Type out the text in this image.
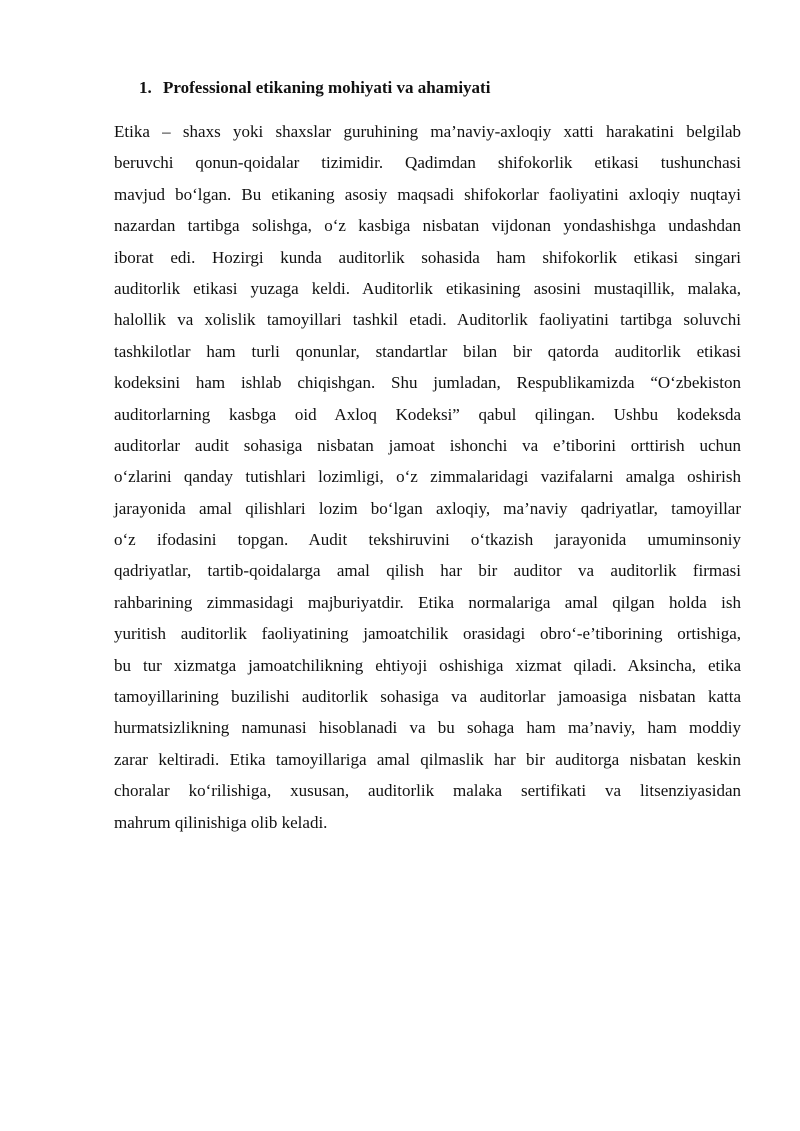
1. Professional etikaning mohiyati va ahamiyati

Etika – shaxs yoki shaxslar guruhining ma’naviy-axloqiy xatti harakatini belgilab
beruvchi qonun-qoidalar tizimidir. Qadimdan shifokorlik etikasi tushunchasi
mavjud bo‘lgan. Bu etikaning asosiy maqsadi shifokorlar faoliyatini axloqiy nuqtayi
nazardan tartibga solishga, o‘z kasbiga nisbatan vijdonan yondashishga undashdan
iborat edi. Hozirgi kunda auditorlik sohasida ham shifokorlik etikasi singari
auditorlik etikasi yuzaga keldi. Auditorlik etikasining asosini mustaqillik, malaka,
halollik va xolislik tamoyillari tashkil etadi. Auditorlik faoliyatini tartibga soluvchi
tashkilotlar ham turli qonunlar, standartlar bilan bir qatorda auditorlik etikasi
kodeksini ham ishlab chiqishgan. Shu jumladan, Respublikamizda “O‘zbekiston
auditorlarning kasbga oid Axloq Kodeksi” qabul qilingan. Ushbu kodeksda
auditorlar audit sohasiga nisbatan jamoat ishonchi va e’tiborini orttirish uchun
o‘zlarini qanday tutishlari lozimligi, o‘z zimmalaridagi vazifalarni amalga oshirish
jarayonida amal qilishlari lozim bo‘lgan axloqiy, ma’naviy qadriyatlar, tamoyillar
o‘z ifodasini topgan. Audit tekshiruvini o‘tkazish jarayonida umuminsoniy
qadriyatlar, tartib-qoidalarga amal qilish har bir auditor va auditorlik firmasi
rahbarining zimmasidagi majburiyatdir. Etika normalariga amal qilgan holda ish
yuritish auditorlik faoliyatining jamoatchilik orasidagi obro‘-e’tiborining ortishiga,
bu tur xizmatga jamoatchilikning ehtiyoji oshishiga xizmat qiladi. Aksincha, etika
tamoyillarining buzilishi auditorlik sohasiga va auditorlar jamoasiga nisbatan katta
hurmatsizlikning namunasi hisoblanadi va bu sohaga ham ma’naviy, ham moddiy
zarar keltiradi. Etika tamoyillariga amal qilmaslik har bir auditorga nisbatan keskin
choralar ko‘rilishiga, xususan, auditorlik malaka sertifikati va litsenziyasidan
mahrum qilinishiga olib keladi.
